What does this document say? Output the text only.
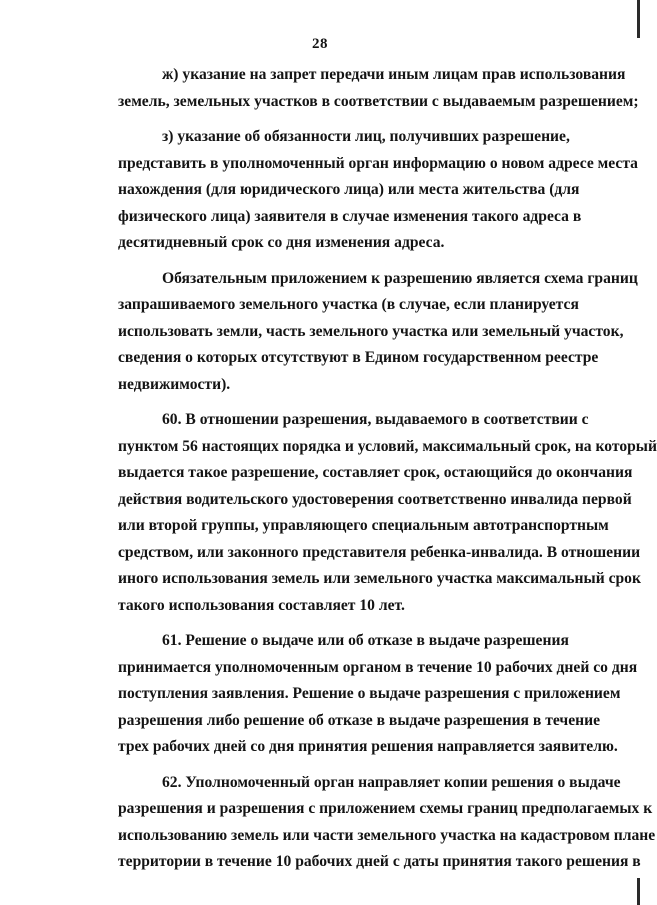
28
ж) указание на запрет передачи иным лицам прав использования
земель, земельных участков в соответствии с выдаваемым разрешением;
з) указание об обязанности лиц, получивших разрешение,
представить в уполномоченный орган информацию о новом адресе места
нахождения (для юридического лица) или места жительства (для
физического лица) заявителя в случае изменения такого адреса в
десятидневный срок со дня изменения адреса.
Обязательным приложением к разрешению является схема границ
запрашиваемого земельного участка (в случае, если планируется
использовать земли, часть земельного участка или земельный участок,
сведения о которых отсутствуют в Едином государственном реестре
недвижимости).
60. В отношении разрешения, выдаваемого в соответствии с
пунктом 56 настоящих порядка и условий, максимальный срок, на который
выдается такое разрешение, составляет срок, остающийся до окончания
действия водительского удостоверения соответственно инвалида первой
или второй группы, управляющего специальным автотранспортным
средством, или законного представителя ребенка-инвалида. В отношении
иного использования земель или земельного участка максимальный срок
такого использования составляет 10 лет.
61. Решение о выдаче или об отказе в выдаче разрешения
принимается уполномоченным органом в течение 10 рабочих дней со дня
поступления заявления. Решение о выдаче разрешения с приложением
разрешения либо решение об отказе в выдаче разрешения в течение
трех рабочих дней со дня принятия решения направляется заявителю.
62. Уполномоченный орган направляет копии решения о выдаче
разрешения и разрешения с приложением схемы границ предполагаемых к
использованию земель или части земельного участка на кадастровом плане
территории в течение 10 рабочих дней с даты принятия такого решения в
